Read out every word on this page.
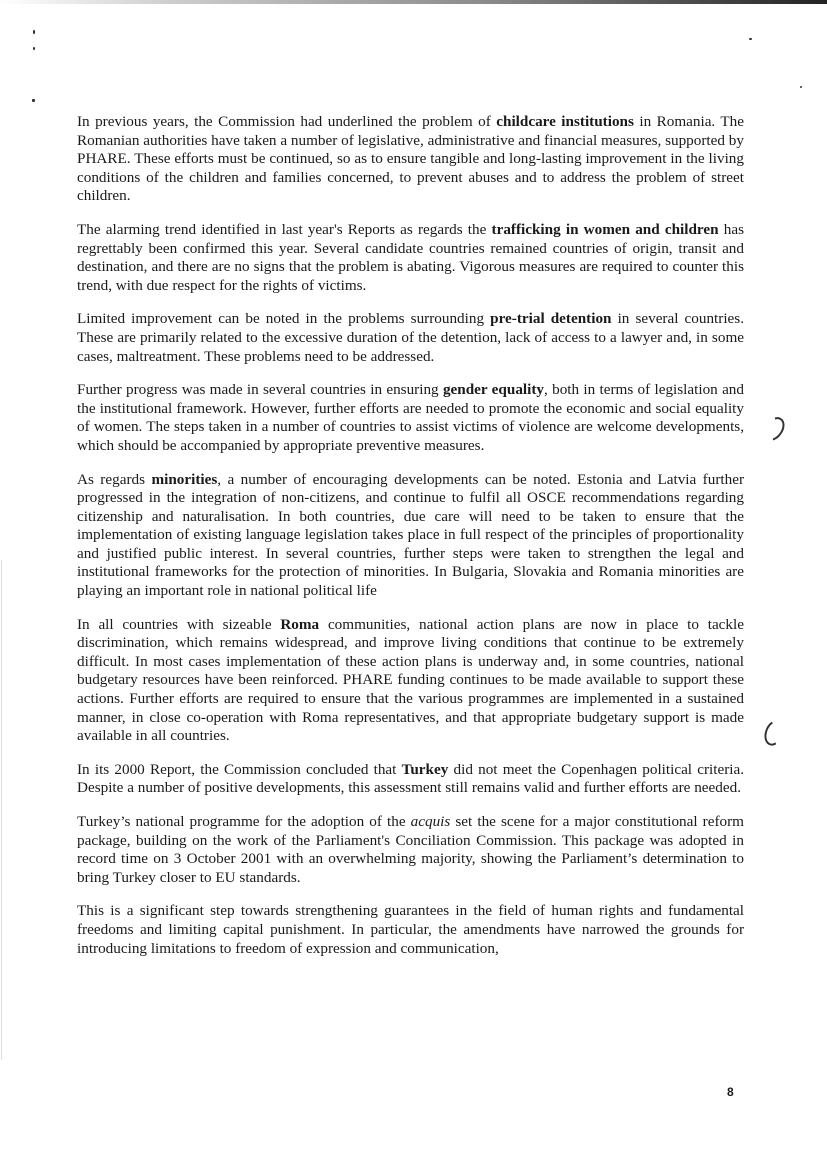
In previous years, the Commission had underlined the problem of childcare institutions in Romania. The Romanian authorities have taken a number of legislative, administrative and financial measures, supported by PHARE. These efforts must be continued, so as to ensure tangible and long-lasting improvement in the living conditions of the children and families concerned, to prevent abuses and to address the problem of street children.

The alarming trend identified in last year's Reports as regards the trafficking in women and children has regrettably been confirmed this year. Several candidate countries remained countries of origin, transit and destination, and there are no signs that the problem is abating. Vigorous measures are required to counter this trend, with due respect for the rights of victims.

Limited improvement can be noted in the problems surrounding pre-trial detention in several countries. These are primarily related to the excessive duration of the detention, lack of access to a lawyer and, in some cases, maltreatment. These problems need to be addressed.

Further progress was made in several countries in ensuring gender equality, both in terms of legislation and the institutional framework. However, further efforts are needed to promote the economic and social equality of women. The steps taken in a number of countries to assist victims of violence are welcome developments, which should be accompanied by appropriate preventive measures.

As regards minorities, a number of encouraging developments can be noted. Estonia and Latvia further progressed in the integration of non-citizens, and continue to fulfil all OSCE recommendations regarding citizenship and naturalisation. In both countries, due care will need to be taken to ensure that the implementation of existing language legislation takes place in full respect of the principles of proportionality and justified public interest. In several countries, further steps were taken to strengthen the legal and institutional frameworks for the protection of minorities. In Bulgaria, Slovakia and Romania minorities are playing an important role in national political life

In all countries with sizeable Roma communities, national action plans are now in place to tackle discrimination, which remains widespread, and improve living conditions that continue to be extremely difficult. In most cases implementation of these action plans is underway and, in some countries, national budgetary resources have been reinforced. PHARE funding continues to be made available to support these actions. Further efforts are required to ensure that the various programmes are implemented in a sustained manner, in close co-operation with Roma representatives, and that appropriate budgetary support is made available in all countries.

In its 2000 Report, the Commission concluded that Turkey did not meet the Copenhagen political criteria. Despite a number of positive developments, this assessment still remains valid and further efforts are needed.

Turkey’s national programme for the adoption of the acquis set the scene for a major constitutional reform package, building on the work of the Parliament's Conciliation Commission. This package was adopted in record time on 3 October 2001 with an overwhelming majority, showing the Parliament’s determination to bring Turkey closer to EU standards.

This is a significant step towards strengthening guarantees in the field of human rights and fundamental freedoms and limiting capital punishment. In particular, the amendments have narrowed the grounds for introducing limitations to freedom of expression and communication,

8
